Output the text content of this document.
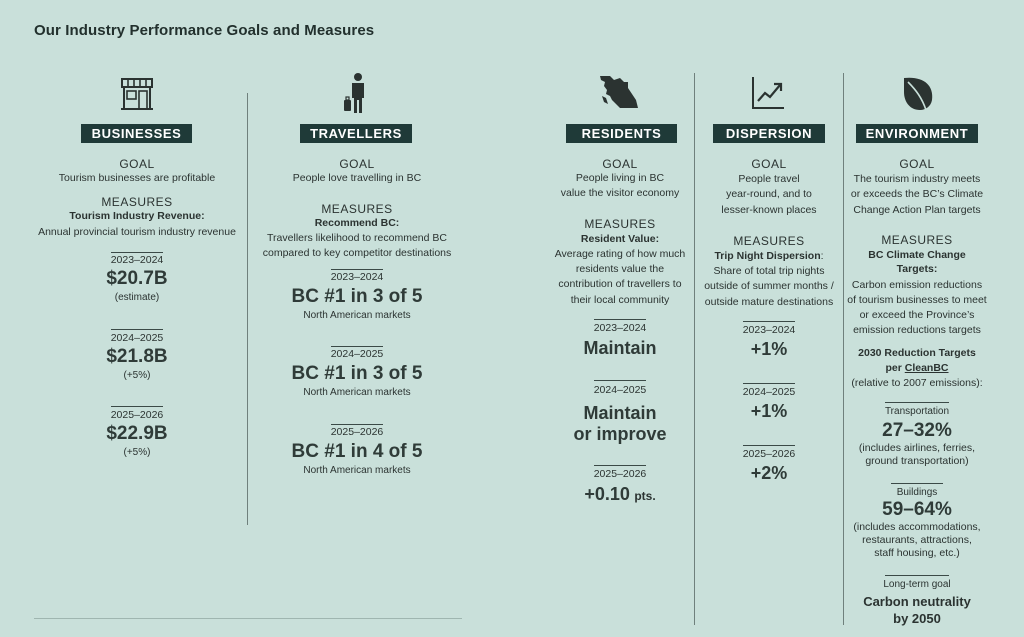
Our Industry Performance Goals and Measures
BUSINESSES
GOAL
Tourism businesses are profitable
MEASURES
Tourism Industry Revenue:
Annual provincial tourism industry revenue
2023–2024
$20.7B
(estimate)
2024–2025
$21.8B
(+5%)
2025–2026
$22.9B
(+5%)
TRAVELLERS
GOAL
People love travelling in BC
MEASURES
Recommend BC:
Travellers likelihood to recommend BC
compared to key competitor destinations
2023–2024
BC #1 in 3 of 5
North American markets
2024–2025
BC #1 in 3 of 5
North American markets
2025–2026
BC #1 in 4 of 5
North American markets
RESIDENTS
GOAL
People living in BC
value the visitor economy
MEASURES
Resident Value:
Average rating of how much
residents value the
contribution of travellers to
their local community
2023–2024
Maintain
2024–2025
Maintain
or improve
2025–2026
+0.10 pts.
DISPERSION
GOAL
People travel
year-round, and to
lesser-known places
MEASURES
Trip Night Dispersion:
Share of total trip nights
outside of summer months /
outside mature destinations
2023–2024
+1%
2024–2025
+1%
2025–2026
+2%
ENVIRONMENT
GOAL
The tourism industry meets
or exceeds the BC’s Climate
Change Action Plan targets
MEASURES
BC Climate Change
Targets:
Carbon emission reductions
of tourism businesses to meet
or exceed the Province’s
emission reductions targets
2030 Reduction Targets
per CleanBC
(relative to 2007 emissions):
Transportation
27–32%
(includes airlines, ferries,
ground transportation)
Buildings
59–64%
(includes accommodations,
restaurants, attractions,
staff housing, etc.)
Long-term goal
Carbon neutrality
by 2050
